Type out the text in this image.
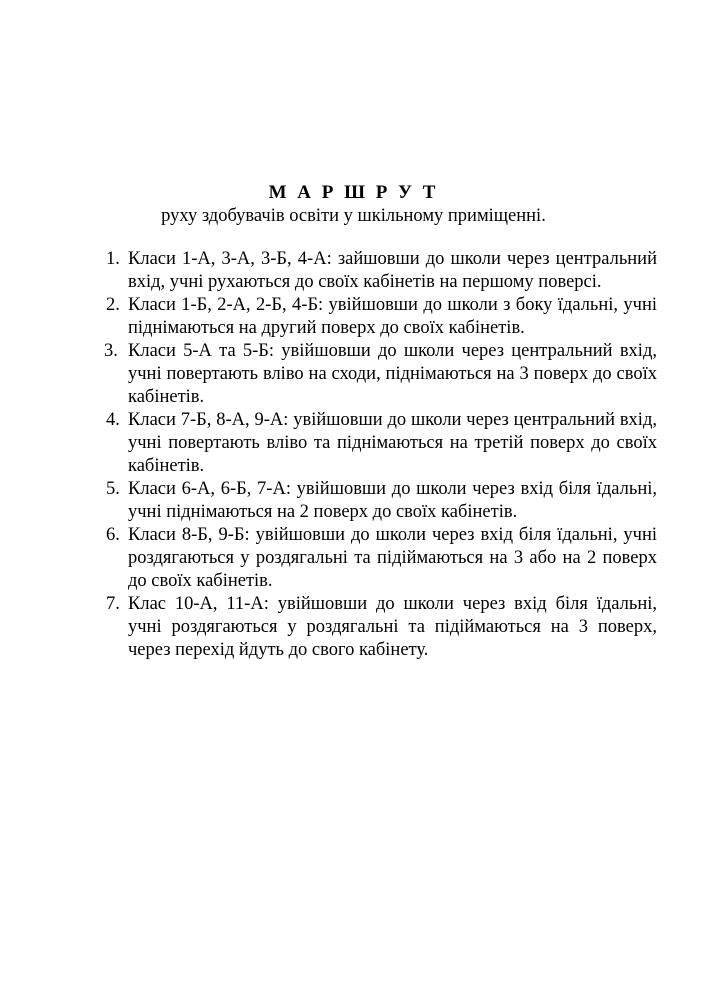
М А Р Ш Р У Т

руху здобувачів освіти у шкільному приміщенні.

1. Класи 1-А, 3-А, 3-Б, 4-А: зайшовши до школи через центральний вхід, учні рухаються до своїх кабінетів на першому поверсі.
2. Класи 1-Б, 2-А, 2-Б, 4-Б: увійшовши до школи з боку їдальні, учні піднімаються на другий поверх до своїх кабінетів.
3. Класи 5-А та 5-Б: увійшовши до школи через центральний вхід, учні повертають вліво на сходи, піднімаються на 3 поверх до своїх кабінетів.
4. Класи 7-Б, 8-А, 9-А: увійшовши до школи через центральний вхід, учні повертають вліво та піднімаються на третій поверх до своїх кабінетів.
5. Класи 6-А, 6-Б, 7-А: увійшовши до школи через вхід біля їдальні, учні піднімаються на 2 поверх до своїх кабінетів.
6. Класи 8-Б, 9-Б: увійшовши до школи через вхід біля їдальні, учні роздягаються у роздягальні та підіймаються на 3 або на 2 поверх до своїх кабінетів.
7. Клас 10-А, 11-А: увійшовши до школи через вхід біля їдальні, учні роздягаються у роздягальні та підіймаються на 3 поверх, через перехід йдуть до свого кабінету.
